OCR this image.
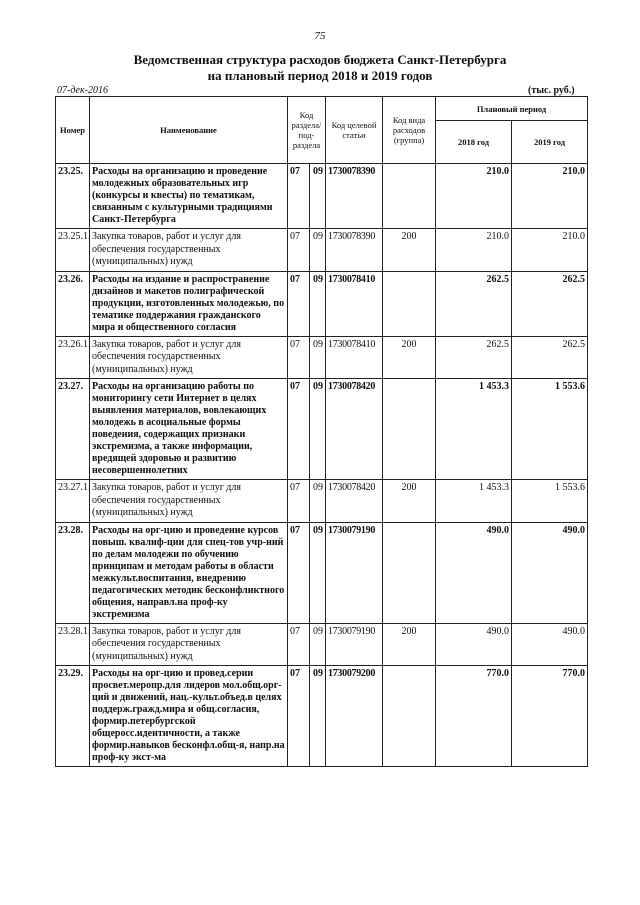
75
Ведомственная структура расходов бюджета Санкт-Петербурга
на плановый период 2018 и 2019 годов
07-дек-2016	(тыс. руб.)
Номер	Наименование	Код раздела/под-раздела		Код целевой статьи	Код вида расходов (группа)	Плановый период	
						2018 год	2019 год
23.25.	Расходы на организацию и проведение молодежных образовательных игр (конкурсы и квесты) по тематикам, связанным с культурными традициями Санкт-Петербурга	07	09	1730078390		210.0	210.0
23.25.1.	Закупка товаров, работ и услуг для обеспечения государственных (муниципальных) нужд	07	09	1730078390	200	210.0	210.0
23.26.	Расходы на издание и распространение дизайнов и макетов полиграфической продукции, изготовленных молодежью, по тематике поддержания гражданского мира и общественного согласия	07	09	1730078410		262.5	262.5
23.26.1.	Закупка товаров, работ и услуг для обеспечения государственных (муниципальных) нужд	07	09	1730078410	200	262.5	262.5
23.27.	Расходы на организацию работы по мониторингу сети Интернет в целях выявления материалов, вовлекающих молодежь в асоциальные формы поведения, содержащих признаки экстремизма, а также информации, вредящей здоровью и развитию несовершеннолетних	07	09	1730078420		1 453.3	1 553.6
23.27.1.	Закупка товаров, работ и услуг для обеспечения государственных (муниципальных) нужд	07	09	1730078420	200	1 453.3	1 553.6
23.28.	Расходы на орг-цию и проведение курсов повыш. квалиф-ции для спец-тов учр-ний по делам молодежи по обучению принципам и методам работы в области межкульт.воспитания, внедрению педагогических методик бесконфликтного общения, направл.на проф-ку экстремизма	07	09	1730079190		490.0	490.0
23.28.1.	Закупка товаров, работ и услуг для обеспечения государственных (муниципальных) нужд	07	09	1730079190	200	490.0	490.0
23.29.	Расходы на орг-цию и провед.серии просвет.меропр.для лидеров мол.общ.орг-ций и движений, нац.-культ.объед.в целях поддерж.гражд.мира и общ.согласия, формир.петербургской общеросс.идентичности, а также формир.навыков бесконфл.общ-я, напр.на проф-ку экст-ма	07	09	1730079200		770.0	770.0
